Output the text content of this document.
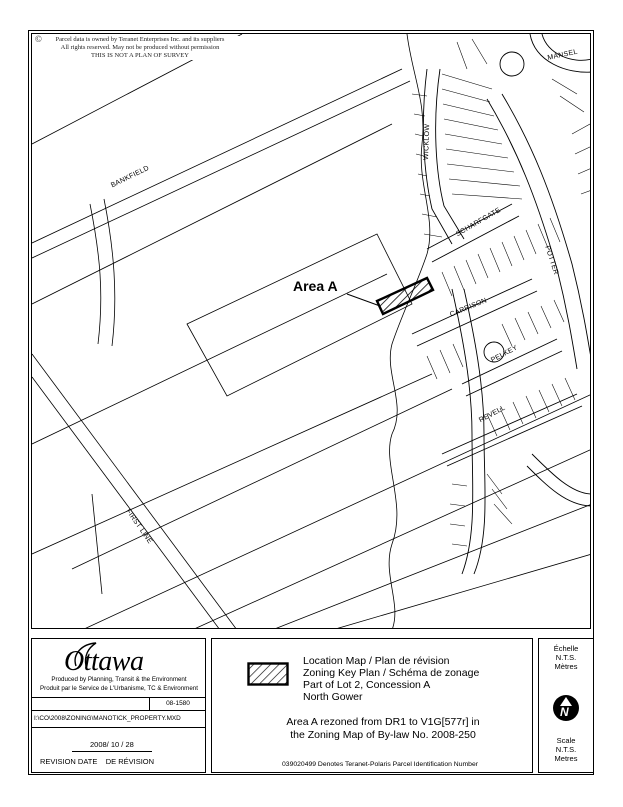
©	Parcel data is owned by Teranet Enterprises Inc. and its suppliers
All rights reserved. May not be produced without permission
THIS IS NOT A PLAN OF SURVEY
BANKFIELD
FIRST LINE
WICKLOW
SCHARFGATE
CARRISON
PELKEY
REVELL
POTTER
MANSEL
Area A
Ottawa
Produced by Planning, Transit & the Environment
Produit par le Service de L'Urbanisme, TC & Environment
08-1580
I:\CO\2008\ZONING\MANOTICK_PROPERTY.MXD
2008/ 10 / 28
REVISION DATE DE RÉVISION
Location Map / Plan de révision
Zoning Key Plan / Schéma de zonage
Part of Lot 2, Concession A
North Gower
Area A rezoned from DR1 to V1G[577r] in
the Zoning Map of By-law No. 2008-250
039020499 Denotes Teranet-Polaris Parcel Identification Number
Échelle
N.T.S.
Mètres
N
Scale
N.T.S.
Metres
